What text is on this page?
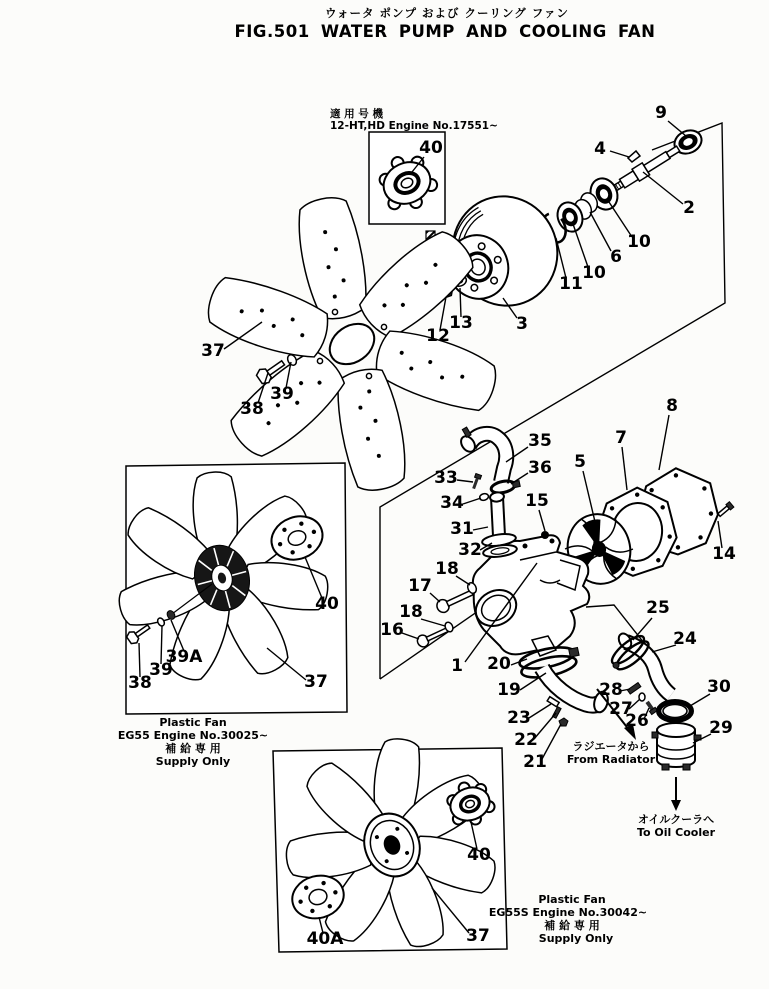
ウォータ ポンプ および クーリング ファン
FIG.501 WATER PUMP AND COOLING FAN
適 用 号 機
12-HT,HD Engine No.17551~
ラジエータから
From Radiator
オイルクーラへ
To Oil Cooler
Plastic Fan
EG55 Engine No.30025~
補 給 専 用
Supply Only
Plastic Fan
EG55S Engine No.30042~
補 給 専 用
Supply Only
9
4
2
10
6
10
11
3
13
12
40
37
38
39
35
36
33
34
31
32
15
5
7
8
14
18
17
18
16
1 20
19
25
24
28
27
26
23
22
21
30
29
40
39A
39
38	37
40
40A	37
